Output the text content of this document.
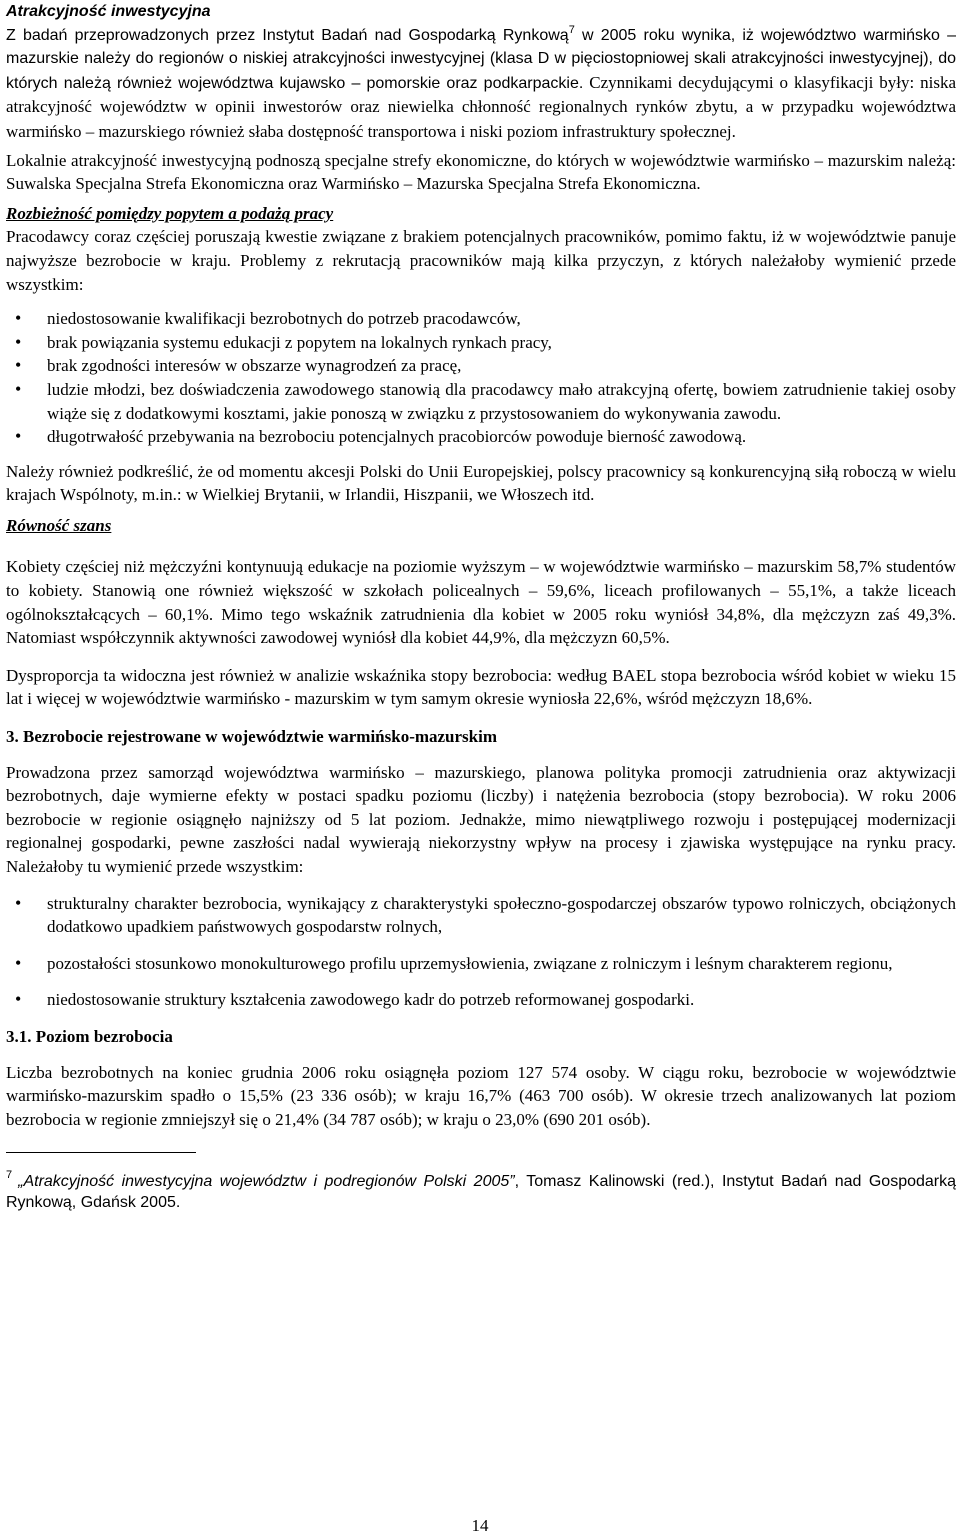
Atrakcyjność inwestycyjna

Z badań przeprowadzonych przez Instytut Badań nad Gospodarką Rynkową$^7$ w 2005 roku wynika, iż województwo warmińsko – mazurskie należy do regionów o niskiej atrakcyjności inwestycyjnej (klasa D w pięciostopniowej skali atrakcyjności inwestycyjnej), do których należą również województwa kujawsko – pomorskie oraz podkarpackie. Czynnikami decydującymi o klasyfikacji były: niska atrakcyjność województw w opinii inwestorów oraz niewielka chłonność regionalnych rynków zbytu, a w przypadku województwa warmińsko – mazurskiego również słaba dostępność transportowa i niski poziom infrastruktury społecznej.

Lokalnie atrakcyjność inwestycyjną podnoszą specjalne strefy ekonomiczne, do których w województwie warmińsko – mazurskim należą: Suwalska Specjalna Strefa Ekonomiczna oraz Warmińsko – Mazurska Specjalna Strefa Ekonomiczna.

Rozbieżność pomiędzy popytem a podażą pracy

Pracodawcy coraz częściej poruszają kwestie związane z brakiem potencjalnych pracowników, pomimo faktu, iż w województwie panuje najwyższe bezrobocie w kraju. Problemy z rekrutacją pracowników mają kilka przyczyn, z których należałoby wymienić przede wszystkim:

• niedostosowanie kwalifikacji bezrobotnych do potrzeb pracodawców,
• brak powiązania systemu edukacji z popytem na lokalnych rynkach pracy,
• brak zgodności interesów w obszarze wynagrodzeń za pracę,
• ludzie młodzi, bez doświadczenia zawodowego stanowią dla pracodawcy mało atrakcyjną ofertę, bowiem zatrudnienie takiej osoby wiąże się z dodatkowymi kosztami, jakie ponoszą w związku z przystosowaniem do wykonywania zawodu.
• długotrwałość przebywania na bezrobociu potencjalnych pracobiorców powoduje bierność zawodową.

Należy również podkreślić, że od momentu akcesji Polski do Unii Europejskiej, polscy pracownicy są konkurencyjną siłą roboczą w wielu krajach Wspólnoty, m.in.: w Wielkiej Brytanii, w Irlandii, Hiszpanii, we Włoszech itd.

Równość szans

Kobiety częściej niż mężczyźni kontynuują edukacje na poziomie wyższym – w województwie warmińsko – mazurskim 58,7% studentów to kobiety. Stanowią one również większość w szkołach policealnych – 59,6%, liceach profilowanych – 55,1%, a także liceach ogólnokształcących – 60,1%. Mimo tego wskaźnik zatrudnienia dla kobiet w 2005 roku wyniósł 34,8%, dla mężczyzn zaś 49,3%. Natomiast współczynnik aktywności zawodowej wyniósł dla kobiet 44,9%, dla mężczyzn 60,5%.

Dysproporcja ta widoczna jest również w analizie wskaźnika stopy bezrobocia: według BAEL stopa bezrobocia wśród kobiet w wieku 15 lat i więcej w województwie warmińsko - mazurskim w tym samym okresie wyniosła 22,6%, wśród mężczyzn 18,6%.

3. Bezrobocie rejestrowane w województwie warmińsko-mazurskim

Prowadzona przez samorząd województwa warmińsko – mazurskiego, planowa polityka promocji zatrudnienia oraz aktywizacji bezrobotnych, daje wymierne efekty w postaci spadku poziomu (liczby) i natężenia bezrobocia (stopy bezrobocia). W roku 2006 bezrobocie w regionie osiągnęło najniższy od 5 lat poziom. Jednakże, mimo niewątpliwego rozwoju i postępującej modernizacji regionalnej gospodarki, pewne zaszłości nadal wywierają niekorzystny wpływ na procesy i zjawiska występujące na rynku pracy. Należałoby tu wymienić przede wszystkim:

• strukturalny charakter bezrobocia, wynikający z charakterystyki społeczno-gospodarczej obszarów typowo rolniczych, obciążonych dodatkowo upadkiem państwowych gospodarstw rolnych,
• pozostałości stosunkowo monokulturowego profilu uprzemysłowienia, związane z rolniczym i leśnym charakterem regionu,
• niedostosowanie struktury kształcenia zawodowego kadr do potrzeb reformowanej gospodarki.

3.1. Poziom bezrobocia

Liczba bezrobotnych na koniec grudnia 2006 roku osiągnęła poziom 127 574 osoby. W ciągu roku, bezrobocie w województwie warmińsko-mazurskim spadło o 15,5% (23 336 osób); w kraju 16,7% (463 700 osób). W okresie trzech analizowanych lat poziom bezrobocia w regionie zmniejszył się o 21,4% (34 787 osób); w kraju o 23,0% (690 201 osób).

$^7$ „Atrakcyjność inwestycyjna województw i podregionów Polski 2005”, Tomasz Kalinowski (red.), Instytut Badań nad Gospodarką Rynkową, Gdańsk 2005.

14
